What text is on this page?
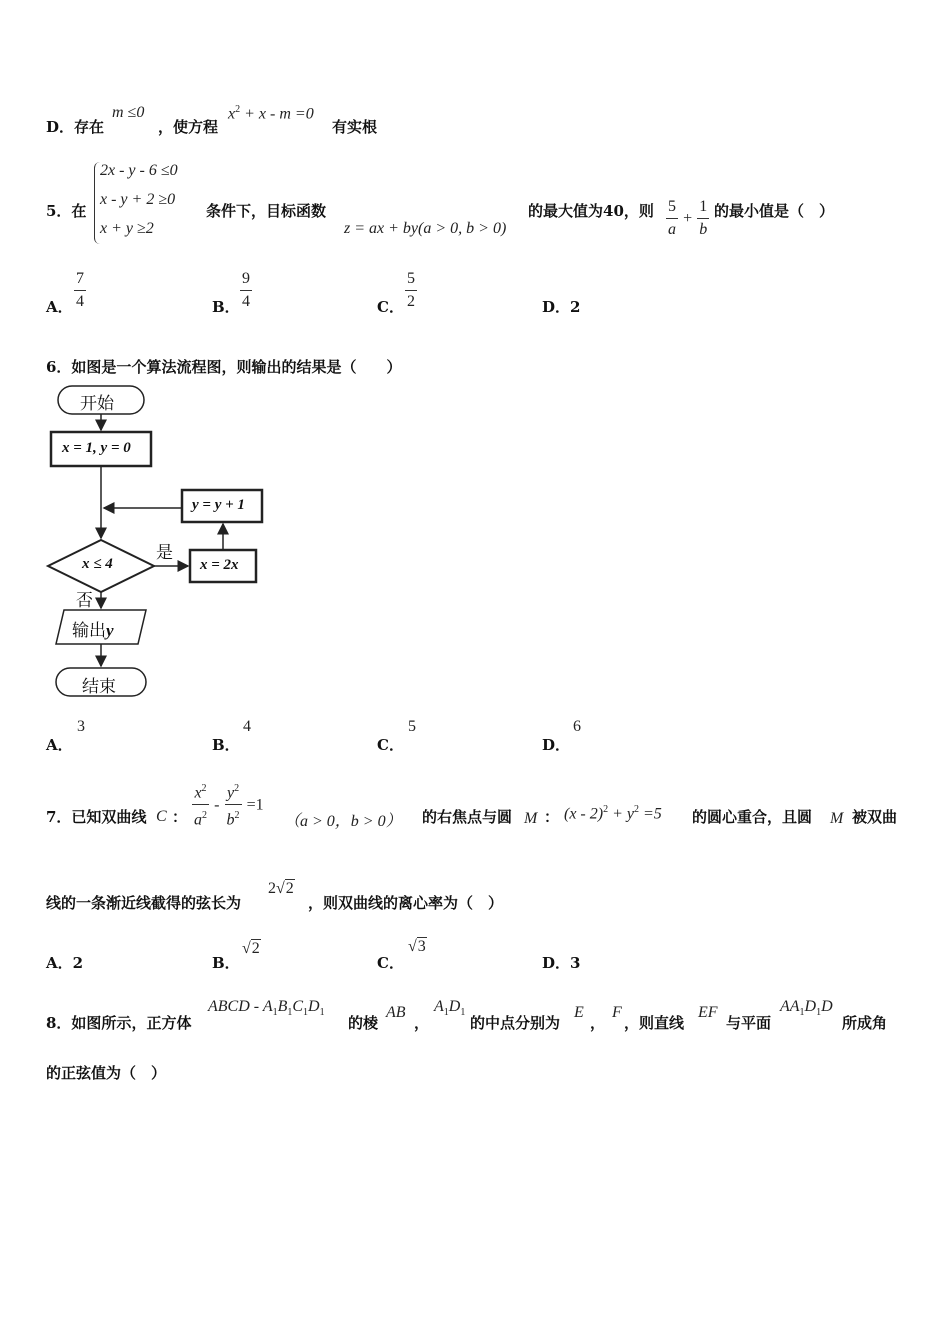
D．存在
m ≤0
，使方程
$x^2 + x - m =0$
有实根
5．在
2x - y - 6 ≤0
x - y + 2 ≥0
x + y ≥2
条件下，目标函数
z = ax + by(a > 0, b > 0)
的最大值为40，则 $\frac{5}{a} + \frac{1}{b}$ 的最小值是（　）
A． $\frac{7}{4}$	B． $\frac{9}{4}$	C． $\frac{5}{2}$	D．2
6．如图是一个算法流程图，则输出的结果是（　　）
开始
x = 1, y = 0
x ≤ 4
是
否
x = 2x
y = y + 1
输出y
结束
A．
3
B．
4
C．
5
D．
6
7．已知双曲线 C ： $\frac{x^2}{a^2} - \frac{y^2}{b^2} =1$
（a > 0，b > 0） 的右焦点与圆 M ： $(x - 2)^2 + y^2 =5$ 的圆心重合，且圆 M 被双曲
线的一条渐近线截得的弦长为
2√2
，则双曲线的离心率为（　）
A．2	B．
√2
C．
√3
D．3
8．如图所示，正方体
ABCD - $A_1B_1C_1D_1$
的棱
AB
，
$A_1D_1$
的中点分别为
E
，
F
，则直线
EF
与平面
$AA_1D_1D$
所成角
的正弦值为（　）
